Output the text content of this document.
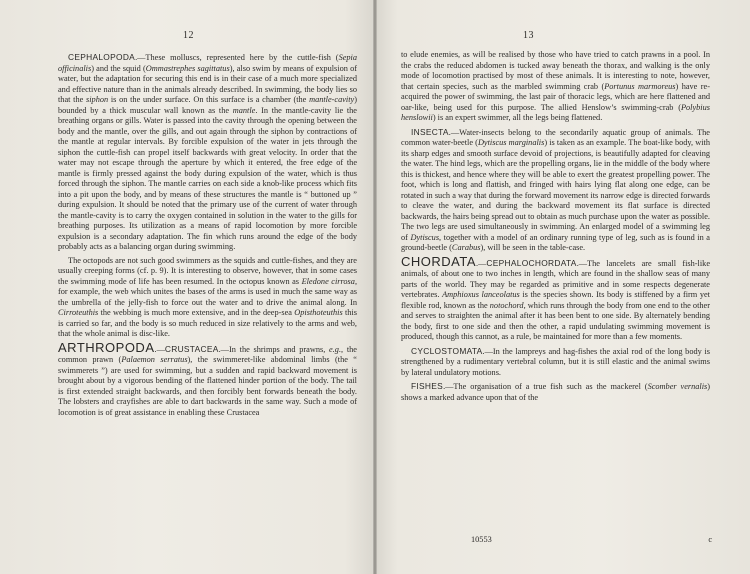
12

CEPHALOPODA.—These molluscs, represented here by the cuttle-fish (Sepia officinalis) and the squid (Ommastrephes sagittatus), also swim by means of expulsion of water, but the adaptation for securing this end is in their case of a much more specialized and effective nature than in the animals already described. In swimming, the body lies so that the siphon is on the under surface. On this surface is a chamber (the mantle-cavity) bounded by a thick muscular wall known as the mantle. In the mantle-cavity lie the breathing organs or gills. Water is passed into the cavity through the opening between the body and the mantle, over the gills, and out again through the siphon by contractions of the mantle at regular intervals. By forcible expulsion of the water in jets through the siphon the cuttle-fish can propel itself backwards with great velocity. In order that the water may not escape through the aperture by which it entered, the free edge of the mantle is firmly pressed against the body during expulsion of the water, which is thus forced through the siphon. The mantle carries on each side a knob-like process which fits into a pit upon the body, and by means of these structures the mantle is “ buttoned up ” during expulsion. It should be noted that the primary use of the current of water through the mantle-cavity is to carry the oxygen contained in solution in the water to the gills for breathing purposes. Its utilization as a means of rapid locomotion by more forcible expulsion is a secondary adaptation. The fin which runs around the edge of the body probably acts as a balancing organ during swimming.

The octopods are not such good swimmers as the squids and cuttle-fishes, and they are usually creeping forms (cf. p. 9). It is interesting to observe, however, that in some cases the swimming mode of life has been resumed. In the octopus known as Eledone cirrosa, for example, the web which unites the bases of the arms is used in much the same way as the umbrella of the jelly-fish to force out the water and to drive the animal along. In Cirroteuthis the webbing is much more extensive, and in the deep-sea Opisthoteuthis this is carried so far, and the body is so much reduced in size relatively to the arms and web, that the whole animal is disc-like.

ARTHROPODA.—CRUSTACEA.—In the shrimps and prawns, e.g., the common prawn (Palaemon serratus), the swimmeret-like abdominal limbs (the “ swimmerets ”) are used for swimming, but a sudden and rapid backward movement is brought about by a vigorous bending of the flattened hinder portion of the body. The tail is first extended straight backwards, and then forcibly bent forwards beneath the body. The lobsters and crayfishes are able to dart backwards in the same way. Such a mode of locomotion is of great assistance in enabling these Crustacea

13

to elude enemies, as will be realised by those who have tried to catch prawns in a pool. In the crabs the reduced abdomen is tucked away beneath the thorax, and walking is the only mode of locomotion practised by most of these animals. It is interesting to note, however, that certain species, such as the marbled swimming crab (Portunus marmoreus) have re-acquired the power of swimming, the last pair of thoracic legs, which are here flattened and oar-like, being used for this purpose. The allied Henslow’s swimming-crab (Polybius henslowii) is an expert swimmer, all the legs being flattened.

INSECTA.—Water-insects belong to the secondarily aquatic group of animals. The common water-beetle (Dytiscus marginalis) is taken as an example. The boat-like body, with its sharp edges and smooth surface devoid of projections, is beautifully adapted for cleaving the water. The hind legs, which are the propelling organs, lie in the middle of the body where this is thickest, and hence where they will be able to exert the greatest propelling power. The foot, which is long and flattish, and fringed with hairs lying flat along one edge, can be rotated in such a way that during the forward movement its narrow edge is directed forwards to cleave the water, and during the backward movement its flat surface is directed backwards, the hairs being spread out to obtain as much purchase upon the water as possible. The two legs are used simultaneously in swimming. An enlarged model of a swimming leg of Dytiscus, together with a model of an ordinary running type of leg, such as is found in a ground-beetle (Carabus), will be seen in the table-case.

CHORDATA.—CEPHALOCHORDATA.—The lancelets are small fish-like animals, of about one to two inches in length, which are found in the shallow seas of many parts of the world. They may be regarded as primitive and in some respects degenerate vertebrates. Amphioxus lanceolatus is the species shown. Its body is stiffened by a firm yet flexible rod, known as the notochord, which runs through the body from one end to the other and serves to straighten the animal after it has been bent to one side. By alternately bending the body, first to one side and then the other, a rapid undulating swimming movement is produced, though this cannot, as a rule, be maintained for more than a few moments.

CYCLOSTOMATA.—In the lampreys and hag-fishes the axial rod of the long body is strengthened by a rudimentary vertebral column, but it is still elastic and the animal swims by lateral undulatory motions.

FISHES.—The organisation of a true fish such as the mackerel (Scomber vernalis) shows a marked advance upon that of the

10553	c
